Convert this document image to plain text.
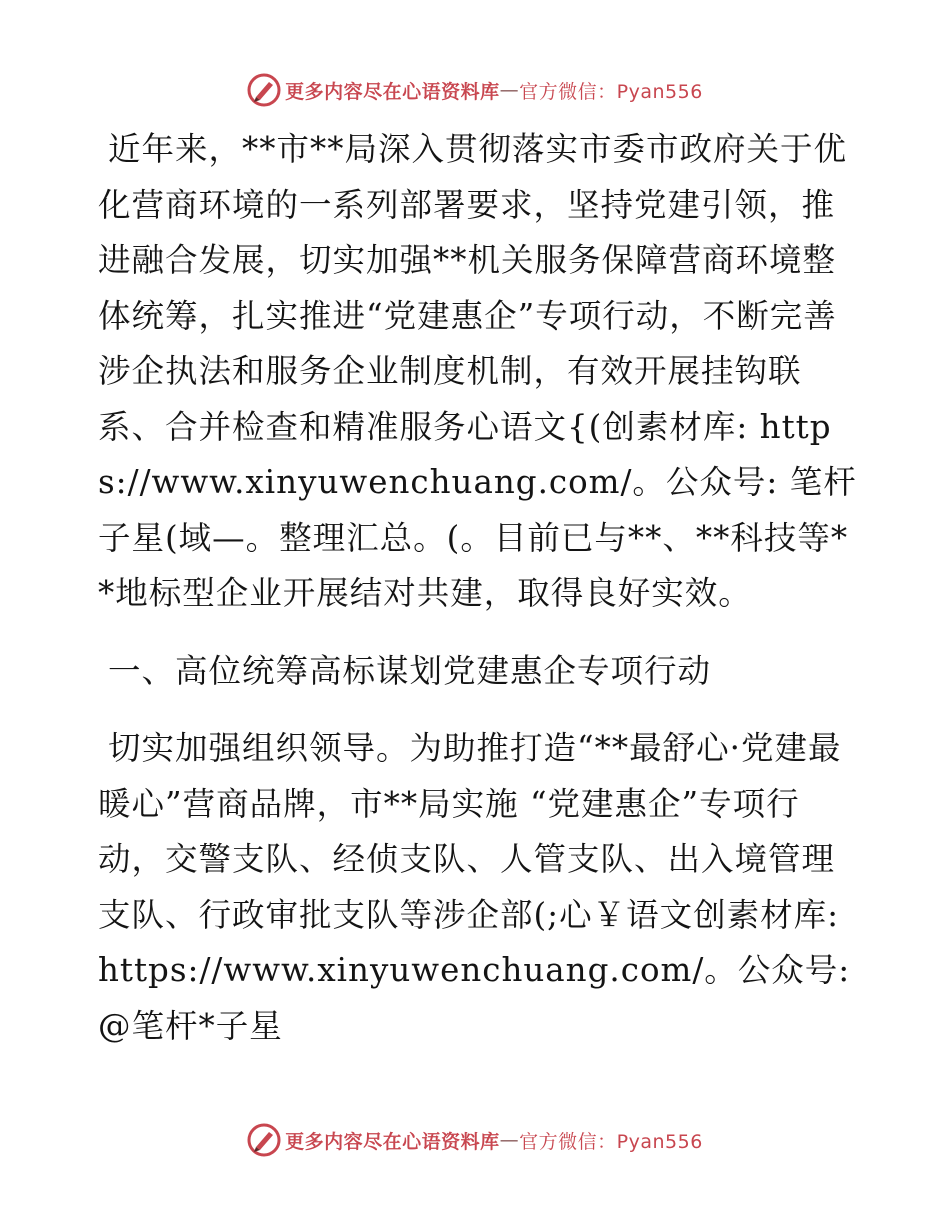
更多内容尽在心语资料库 — 官方微信：Pyan556

近年来，**市**局深入贯彻落实市委市政府关于优化营商环境的一系列部署要求，坚持党建引领，推进融合发展，切实加强**机关服务保障营商环境整体统筹，扎实推进“党建惠企”专项行动，不断完善涉企执法和服务企业制度机制，有效开展挂钩联系、合并检查和精准服务心语文{(创素材库: https://www.xinyuwenchuang.com/。公众号: 笔杆子星(域—。整理汇总。(。目前已与**、**科技等**地标型企业开展结对共建，取得良好实效。

一、高位统筹高标谋划党建惠企专项行动

切实加强组织领导。为助推打造“**最舒心·党建最暖心”营商品牌，市**局实施 “党建惠企”专项行动，交警支队、经侦支队、人管支队、出入境管理支队、行政审批支队等涉企部(;心￥语文创素材库: https://www.xinyuwenchuang.com/。公众号: @笔杆*子星

更多内容尽在心语资料库 — 官方微信：Pyan556
